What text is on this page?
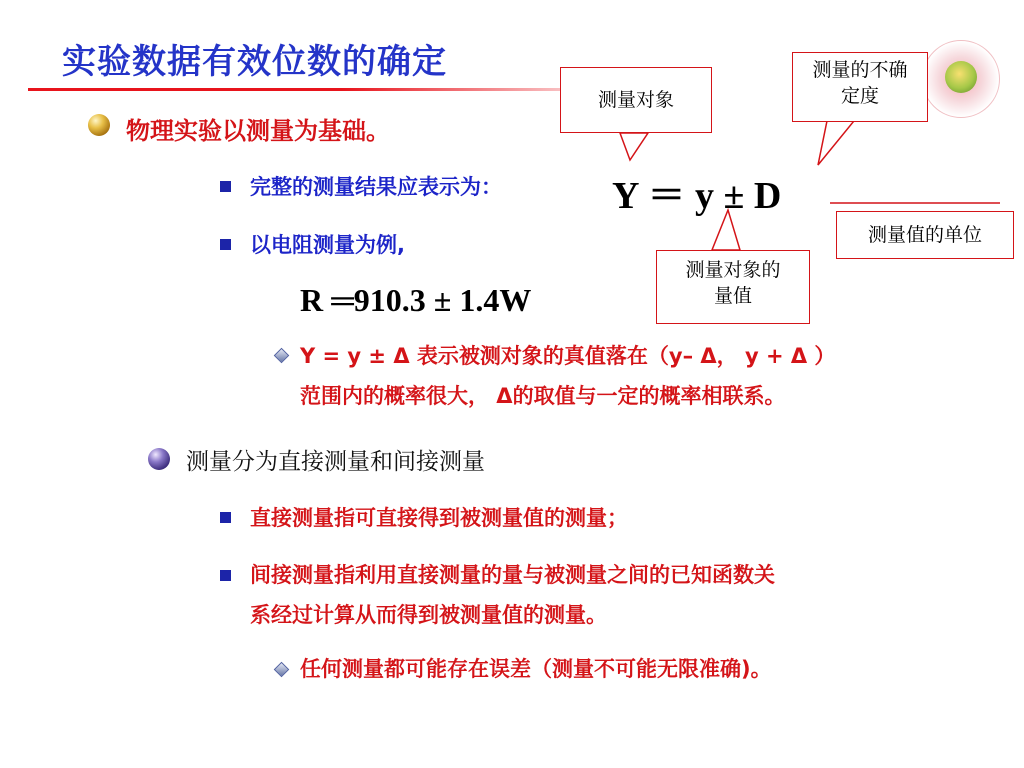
实验数据有效位数的确定
测量对象
测量的不确
定度
测量值的单位
测量对象的
量值
物理实验以测量为基础。
完整的测量结果应表示为：	Y ＝ y ± D
以电阻测量为例,
R ═910.3 ± 1.4W
Y = y ± Δ 表示被测对象的真值落在（y– Δ， y + Δ ）
范围内的概率很大， Δ的取值与一定的概率相联系。
测量分为直接测量和间接测量
直接测量指可直接得到被测量值的测量；
间接测量指利用直接测量的量与被测量之间的已知函数关
系经过计算从而得到被测量值的测量。
任何测量都可能存在误差（测量不可能无限准确)。
